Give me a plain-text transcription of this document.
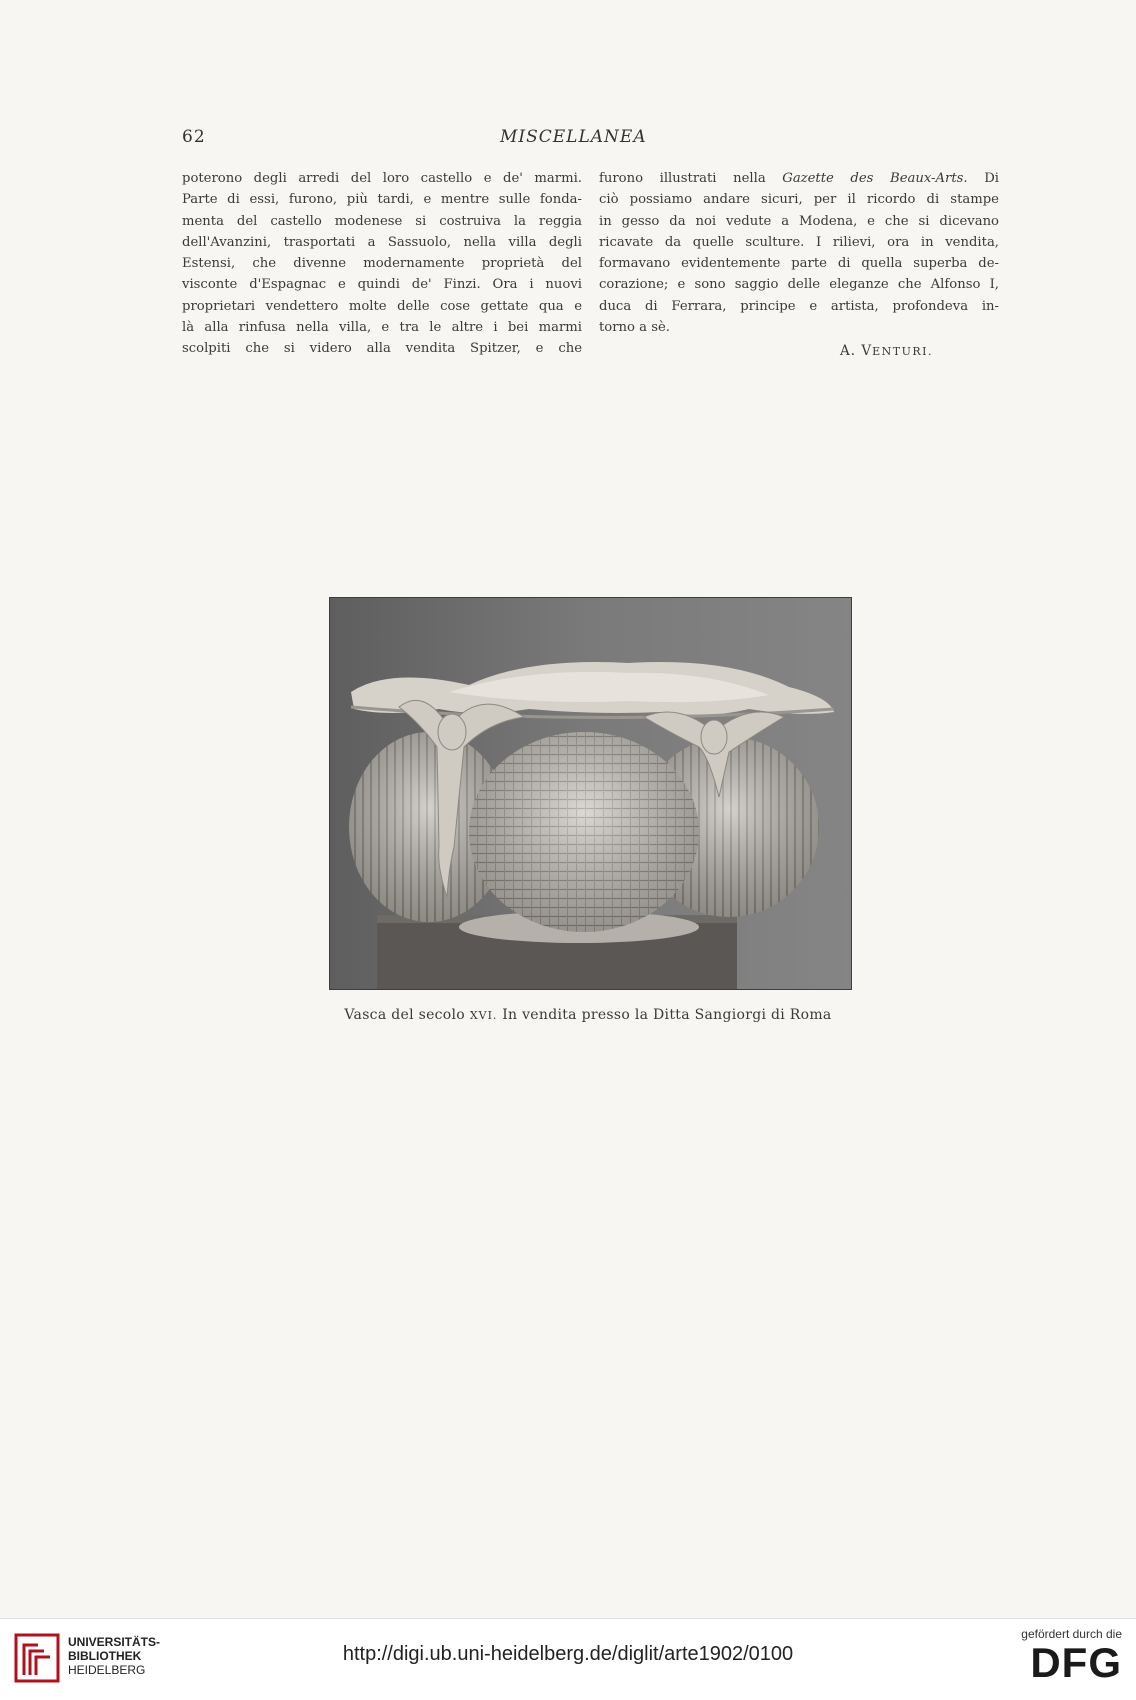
62	MISCELLANEA
poterono degli arredi del loro castello e de' marmi.
Parte di essi, furono, più tardi, e mentre sulle fonda-
menta del castello modenese si costruiva la reggia
dell'Avanzini, trasportati a Sassuolo, nella villa degli
Estensi, che divenne modernamente proprietà del
visconte d'Espagnac e quindi de' Finzi. Ora i nuovi
proprietari vendettero molte delle cose gettate qua e
là alla rinfusa nella villa, e tra le altre i bei marmi
scolpiti che si videro alla vendita Spitzer, e che
furono illustrati nella Gazette des Beaux-Arts. Di
ciò possiamo andare sicuri, per il ricordo di stampe
in gesso da noi vedute a Modena, e che si dicevano
ricavate da quelle sculture. I rilievi, ora in vendita,
formavano evidentemente parte di quella superba de-
corazione; e sono saggio delle eleganze che Alfonso I,
duca di Ferrara, principe e artista, profondeva in-
torno a sè.
A. VENTURI.
Vasca del secolo XVI. In vendita presso la Ditta Sangiorgi di Roma
UNIVERSITÄTS-
BIBLIOTHEK
HEIDELBERG
http://digi.ub.uni-heidelberg.de/diglit/arte1902/0100
gefördert durch die
DFG
